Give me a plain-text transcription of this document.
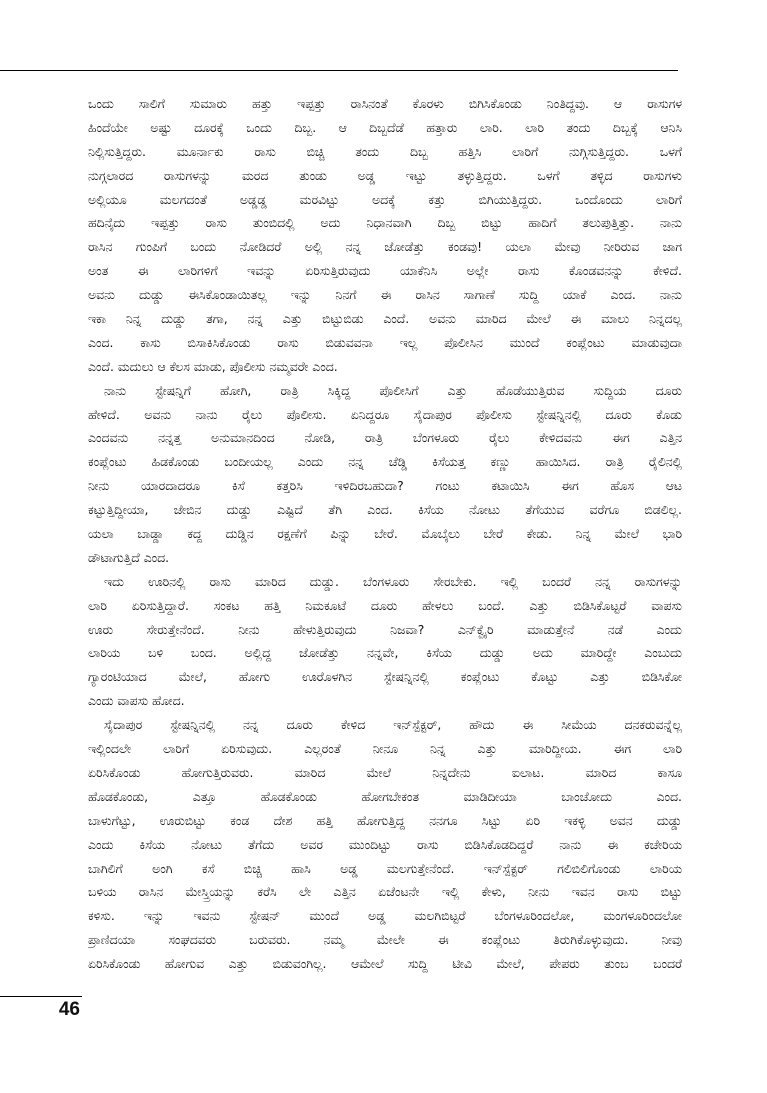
ಒಂದು ಸಾಲಿಗೆ ಸುಮಾರು ಹತ್ತು ಇಪ್ಪತ್ತು ರಾಸಿನಂತೆ ಕೊರಳು ಬಿಗಿಸಿಕೊಂಡು ನಿಂತಿದ್ದವು. ಆ ರಾಸುಗಳ
ಹಿಂದೆಯೇ ಅಷ್ಟು ದೂರಕ್ಕೆ ಒಂದು ದಿಬ್ಬ. ಆ ದಿಬ್ಬದೆಡೆ ಹತ್ತಾರು ಲಾರಿ. ಲಾರಿ ತಂದು ದಿಬ್ಬಕ್ಕೆ ಆನಿಸಿ
ನಿಲ್ಲಿಸುತ್ತಿದ್ದರು. ಮೂರ್ನಾಕು ರಾಸು ಬಿಚ್ಚಿ ತಂದು ದಿಬ್ಬ ಹತ್ತಿಸಿ ಲಾರಿಗೆ ನುಗ್ಗಿಸುತ್ತಿದ್ದರು. ಒಳಗೆ
ನುಗ್ಗಲಾರದ ರಾಸುಗಳನ್ನು ಮರದ ತುಂಡು ಅಡ್ಡ ಇಟ್ಟು ತಳ್ಳುತ್ತಿದ್ದರು. ಒಳಗೆ ತಳ್ಳಿದ ರಾಸುಗಳು
ಅಲ್ಲಿಯೂ ಮಲಗದಂತೆ ಅಡ್ಡಡ್ಡ ಮರವಿಟ್ಟು ಅದಕ್ಕೆ ಕತ್ತು ಬಿಗಿಯುತ್ತಿದ್ದರು. ಒಂದೊಂದು ಲಾರಿಗೆ
ಹದಿನೈದು ಇಪ್ಪತ್ತು ರಾಸು ತುಂಬಿದಲ್ಲಿ ಅದು ನಿಧಾನವಾಗಿ ದಿಬ್ಬ ಬಿಟ್ಟು ಹಾದಿಗೆ ತಲುಪುತ್ತಿತ್ತು. ನಾನು
ರಾಸಿನ ಗುಂಪಿಗೆ ಬಂದು ನೋಡಿದರೆ ಅಲ್ಲಿ ನನ್ನ ಜೋಡೆತ್ತು ಕಂಡವು! ಯಲಾ ಮೇವು ನೀರಿರುವ ಜಾಗ
ಅಂತ ಈ ಲಾರಿಗಳಿಗೆ ಇವನ್ನು ಏರಿಸುತ್ತಿರುವುದು ಯಾಕೆನಿಸಿ ಅಲ್ಲೇ ರಾಸು ಕೊಂಡವನನ್ನು ಕೇಳಿದೆ.
ಅವನು ದುಡ್ಡು ಈಸಿಕೊಂಡಾಯಿತಲ್ಲ ಇನ್ನು ನಿನಗೆ ಈ ರಾಸಿನ ಸಾಗಾಣೆ ಸುದ್ದಿ ಯಾಕೆ ಎಂದ. ನಾನು
ಇಕಾ ನಿನ್ನ ದುಡ್ಡು ತಗಾ, ನನ್ನ ಎತ್ತು ಬಿಟ್ಟುಬಿಡು ಎಂದೆ. ಅವನು ಮಾರಿದ ಮೇಲೆ ಈ ಮಾಲು ನಿನ್ನದಲ್ಲ
ಎಂದ. ಕಾಸು ಬಿಸಾಕಿಸಿಕೊಂಡು ರಾಸು ಬಿಡುವವನಾ ಇಲ್ಲ ಪೊಲೀಸಿನ ಮುಂದೆ ಕಂಪ್ಲೆಂಟು ಮಾಡುವುದಾ
ಎಂದೆ. ಮದುಲು ಆ ಕೆಲಸ ಮಾಡು, ಪೊಲೀಸು ನಮ್ಮವರೇ ಎಂದ.
ನಾನು ಸ್ಟೇಷನ್ನಿಗೆ ಹೋಗಿ, ರಾತ್ರಿ ಸಿಕ್ಕಿದ್ದ ಪೊಲೀಸಿಗೆ ಎತ್ತು ಹೊಡೆಯುತ್ತಿರುವ ಸುದ್ದಿಯ ದೂರು
ಹೇಳಿದೆ. ಅವನು ನಾನು ರೈಲು ಪೊಲೀಸು. ಏನಿದ್ದರೂ ಸೈದಾಪುರ ಪೊಲೀಸು ಸ್ಟೇಷನ್ನಿನಲ್ಲಿ ದೂರು ಕೊಡು
ಎಂದವನು ನನ್ನತ್ತ ಅನುಮಾನದಿಂದ ನೋಡಿ, ರಾತ್ರಿ ಬೆಂಗಳೂರು ರೈಲು ಕೇಳಿದವನು ಈಗ ಎತ್ತಿನ
ಕಂಪ್ಲೆಂಟು ಹಿಡಕೊಂಡು ಬಂದೀಯಲ್ಲ ಎಂದು ನನ್ನ ಚೆಡ್ಡಿ ಕಿಸೆಯತ್ತ ಕಣ್ಣು ಹಾಯಿಸಿದ. ರಾತ್ರಿ ರೈಲಿನಲ್ಲಿ
ನೀನು ಯಾರದಾದರೂ ಕಿಸೆ ಕತ್ತರಿಸಿ ಇಳಿದಿರಬಹುದಾ? ಗಂಟು ಕಟಾಯಿಸಿ ಈಗ ಹೊಸ ಆಟ
ಕಟ್ಟುತ್ತಿದ್ದೀಯಾ, ಜೇಬಿನ ದುಡ್ಡು ಎಷ್ಟಿದೆ ತೆಗಿ ಎಂದ. ಕಿಸೆಯ ನೋಟು ತೆಗೆಯುವ ವರೆಗೂ ಬಿಡಲಿಲ್ಲ.
ಯಲಾ ಬಾಡ್ಡಾ ಕದ್ದ ದುಡ್ಡಿನ ರಕ್ಷಣೆಗೆ ಪಿನ್ನು ಬೇರೆ. ಮೊಬೈಲು ಬೇರೆ ಕೇಡು. ನಿನ್ನ ಮೇಲೆ ಭಾರಿ
ಡೌಟಾಗುತ್ತಿದೆ ಎಂದ.
ಇದು ಊರಿನಲ್ಲಿ ರಾಸು ಮಾರಿದ ದುಡ್ಡು. ಬೆಂಗಳೂರು ಸೇರಬೇಕು. ಇಲ್ಲಿ ಬಂದರೆ ನನ್ನ ರಾಸುಗಳನ್ನು
ಲಾರಿ ಏರಿಸುತ್ತಿದ್ದಾರೆ. ಸಂಕಟ ಹತ್ತಿ ನಿಮಕೂಟೆ ದೂರು ಹೇಳಲು ಬಂದೆ. ಎತ್ತು ಬಿಡಿಸಿಕೊಟ್ಟರೆ ವಾಪಸು
ಊರು ಸೇರುತ್ತೇನೆಂದೆ. ನೀನು ಹೇಳುತ್ತಿರುವುದು ನಿಜವಾ? ಎನ್‌ಕ್ವೈರಿ ಮಾಡುತ್ತೇನೆ ನಡೆ ಎಂದು
ಲಾರಿಯ ಬಳಿ ಬಂದ. ಅಲ್ಲಿದ್ದ ಜೋಡೆತ್ತು ನನ್ನವೇ, ಕಿಸೆಯ ದುಡ್ಡು ಅದು ಮಾರಿದ್ದೇ ಎಂಬುದು
ಗ್ಯಾರಂಟಿಯಾದ ಮೇಲೆ, ಹೋಗು ಊರೊಳಗಿನ ಸ್ಟೇಷನ್ನಿನಲ್ಲಿ ಕಂಪ್ಲೆಂಟು ಕೊಟ್ಟು ಎತ್ತು ಬಿಡಿಸಿಕೋ
ಎಂದು ವಾಪಸು ಹೋದ.
ಸೈದಾಪುರ ಸ್ಟೇಷನ್ನಿನಲ್ಲಿ ನನ್ನ ದೂರು ಕೇಳಿದ ಇನ್‌ಸ್ಪೆಕ್ಟರ್, ಹೌದು ಈ ಸೀಮೆಯ ದನಕರುವನ್ನೆಲ್ಲ
ಇಲ್ಲಿಂದಲೇ ಲಾರಿಗೆ ಏರಿಸುವುದು. ಎಲ್ಲರಂತೆ ನೀನೂ ನಿನ್ನ ಎತ್ತು ಮಾರಿದ್ದೀಯ. ಈಗ ಲಾರಿ
ಏರಿಸಿಕೊಂಡು ಹೋಗುತ್ತಿರುವರು. ಮಾರಿದ ಮೇಲೆ ನಿನ್ನದೇನು ಐಲಾಟ. ಮಾರಿದ ಕಾಸೂ
ಹೊಡಕೊಂಡು, ಎತ್ತೂ ಹೊಡಕೊಂಡು ಹೋಗಬೇಕಂತ ಮಾಡಿದೀಯಾ ಬಾಂಚೋದು ಎಂದ.
ಬಾಳುಗೆಟ್ಟು, ಊರುಬಿಟ್ಟು ಕಂಡ ದೇಶ ಹತ್ತಿ ಹೋಗುತ್ತಿದ್ದ ನನಗೂ ಸಿಟ್ಟು ಏರಿ ಇಕಳ್ಳಿ ಅವನ ದುಡ್ಡು
ಎಂದು ಕಿಸೆಯ ನೋಟು ತೆಗೆದು ಅವರ ಮುಂದಿಟ್ಟು ರಾಸು ಬಿಡಿಸಿಕೊಡದಿದ್ದರೆ ನಾನು ಈ ಕಚೇರಿಯ
ಬಾಗಿಲಿಗೆ ಅಂಗಿ ಕಸೆ ಬಿಚ್ಚಿ ಹಾಸಿ ಅಡ್ಡ ಮಲಗುತ್ತೇನೆಂದೆ. ಇನ್‌ಸ್ಪೆಕ್ಟರ್ ಗಲಿಬಿಲಿಗೊಂಡು ಲಾರಿಯ
ಬಳಿಯ ರಾಸಿನ ಮೇಸ್ತ್ರಿಯನ್ನು ಕರೆಸಿ ಲೇ ಎತ್ತಿನ ಏಜೆಂಟನೇ ಇಲ್ಲಿ ಕೇಳು, ನೀನು ಇವನ ರಾಸು ಬಿಟ್ಟು
ಕಳಿಸು. ಇನ್ನು ಇವನು ಸ್ಟೇಷನ್ ಮುಂದೆ ಅಡ್ಡ ಮಲಗಿಬಿಟ್ಟರೆ ಬೆಂಗಳೂರಿಂದಲೋ, ಮಂಗಳೂರಿಂದಲೋ
ಪ್ರಾಣಿದಯಾ ಸಂಘದವರು ಬರುವರು. ನಮ್ಮ ಮೇಲೇ ಈ ಕಂಪ್ಲೆಂಟು ತಿರುಗಿಕೊಳ್ಳುವುದು. ನೀವು
ಏರಿಸಿಕೊಂಡು ಹೋಗುವ ಎತ್ತು ಬಿಡುವಂಗಿಲ್ಲ. ಆಮೇಲೆ ಸುದ್ದಿ ಟೀವಿ ಮೇಲೆ, ಪೇಪರು ತುಂಬ ಬಂದರೆ
46
